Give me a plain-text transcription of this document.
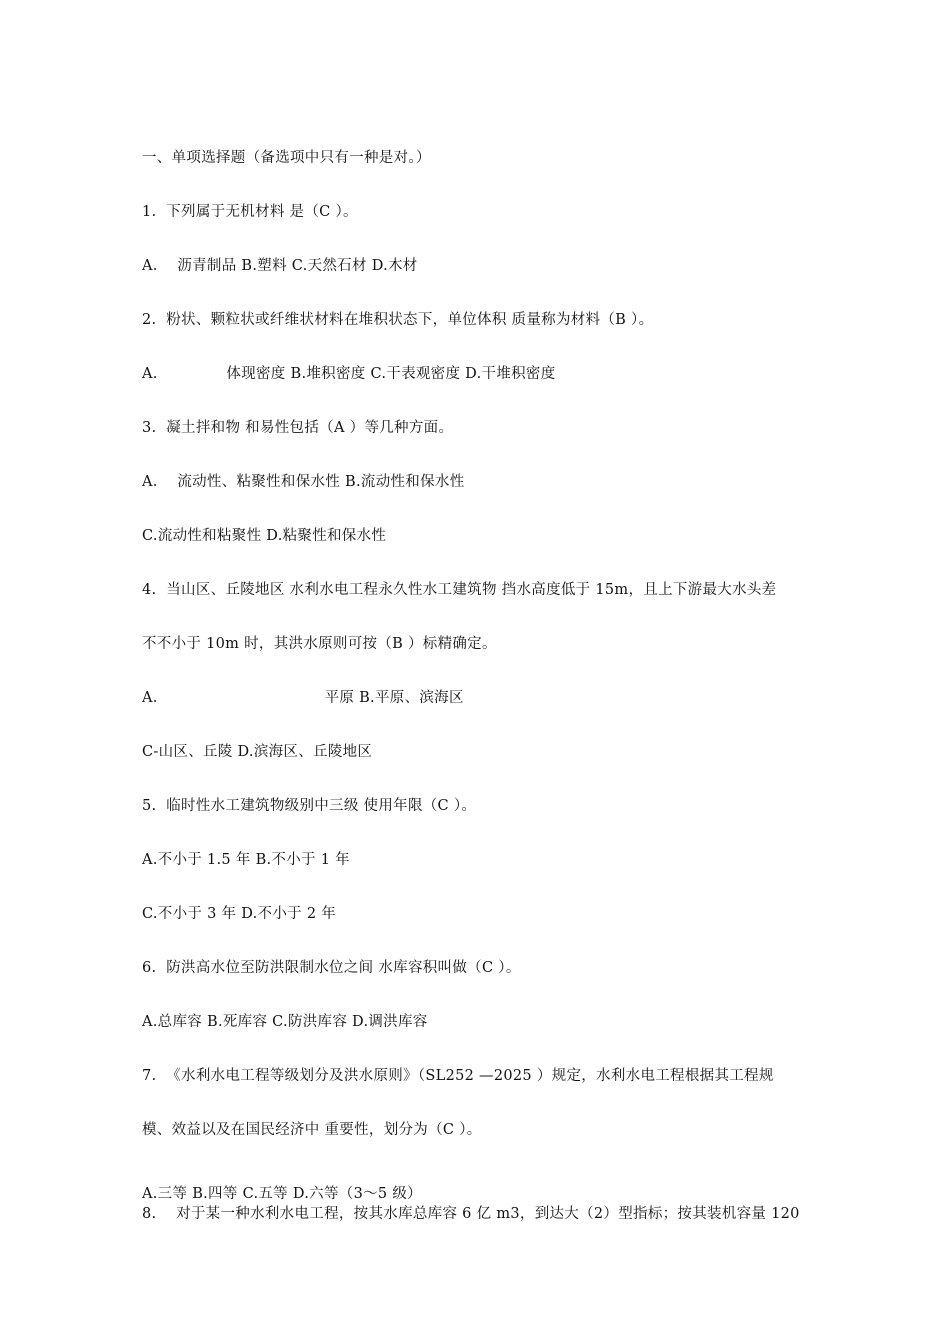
一、单项选择题（备选项中只有一种是对。）
1.  下列属于无机材料 是（C ）。
A.    沥青制品 B.塑料 C.天然石材 D.木材
2.  粉状、颗粒状或纤维状材料在堆积状态下，单位体积 质量称为材料（B ）。
A.              体现密度 B.堆积密度 C.干表观密度 D.干堆积密度
3.  凝土拌和物 和易性包括（A ）等几种方面。
A.    流动性、粘聚性和保水性 B.流动性和保水性
C.流动性和粘聚性 D.粘聚性和保水性
4.  当山区、丘陵地区 水利水电工程永久性水工建筑物 挡水高度低于 15m，且上下游最大水头差
不不小于 10m 时，其洪水原则可按（B ）标精确定。
A.                                  平原 B.平原、滨海区
C-山区、丘陵 D.滨海区、丘陵地区
5.  临时性水工建筑物级别中三级 使用年限（C ）。
A.不小于 1.5 年 B.不小于 1 年
C.不小于 3 年 D.不小于 2 年
6.  防洪高水位至防洪限制水位之间 水库容积叫做（C ）。
A.总库容 B.死库容 C.防洪库容 D.调洪库容
7.  《水利水电工程等级划分及洪水原则》（SL252 —2025 ）规定，水利水电工程根据其工程规
模、效益以及在国民经济中 重要性，划分为（C ）。
A.三等 B.四等 C.五等 D.六等（3〜5 级）
8.    对于某一种水利水电工程，按其水库总库容 6 亿 m3，到达大（2）型指标；按其装机容量 120
